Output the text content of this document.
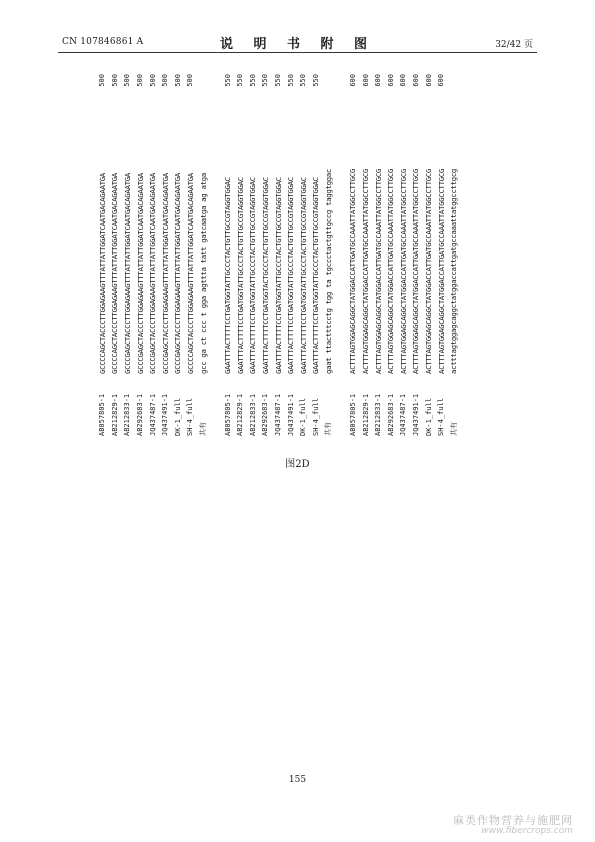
CN 107846861 A	说 明 书 附 图	32/42 页
AB057805-1
GCCCCAGCTACCCTTGGAGAAGTTTATTATTGGATCAATGACAGAATGA
500
AB212829-1
GCCCCAGCTACCCTTGGAGAAGTTTATTATTGGATCAATGACAGAATGA
500
AB212833-1
GCCCGAGCTACCCTTGGAGAAGTTTATTATTGGATCAATGACAGAATGA
500
AB292683-1
GCCCGAGCTACCCTTGGAGAAGTTTATTATTGGATCAATGACAGAATGA
500
JQ437487-1
GCCCGAGCTACCCTTGGAGAAGTTTATTATTGGATCAATGACAGAATGA
500
JQ437491-1
GCCCGAGCTACCCTTGGAGAAGTTTATTATTGGATCAATGACAGAATGA
500
DK-1_full
GCCCGAGCTACCCTTGGAGAAGTTTATTATTGGATCAATGACAGAATGA
500
SH-4_full
GCCCCAGCTACCCTTGGAGAAGTTTATTATTGGATCAATGACAGAATGA
500
共有
gcc ga ct ccc t gga agttta tatt gatcaatga ag atga
AB057805-1
GAATTTACTTTTCCTGATGGTATTGCCCTACTGTTGCCGTAGGTGGAC
550
AB212829-1
GAATTTACTTTTCCTGATGGTATTGCCCTACTGTTGCCGTAGGTGGAC
550
AB212833-1
GAATTTACTTTTCCTGATGGTATTGCCCTACTGTTGCCGTAGGTGGAC
550
AB292683-1
GAATTTACTTTTCCTGATGGTACTGCCCTACTGTTGCCGTAGGTGGAC
550
JQ437487-1
GAATTTACTTTTCCTGATGGTATTGCCCTACTGTTGCCGTAGGTGGAC
550
JQ437491-1
GAATTTACTTTTCCTGATGGTATTGCCCTACTGTTGCCGTAGGTGGAC
550
DK-1_full
GAATTTACTTTTCCTGATGGTATTGCCCTACTGTTGCCGTAGGTGGAC
550
SH-4_full
GAATTTACTTTTCCTGATGGTATTGCCCTACTGTTGCCGTAGGTGGAC
550
共有
gaat ttactttcctg tgg ta tgccctactgttgccg taggtggac
AB057805-1
ACTTTAGTGGAGCAGGCTATGGACCATTGATGCCAAATTATGGCCTTGCG
600
AB212829-1
ACTTTAGTGGAGCAGGCTATGGACCATTGATGCCAAATTATGGCCTTGCG
600
AB212833-1
ACTTTAGTGGAGCAGGCTATGGACCATTGATGCCAAATTATGGCCTTGCG
600
AB292683-1
ACTTTAGTGGAGCAGGCTATGGACCATTGATGCCAAATTATGGCCTTGCG
600
JQ437487-1
ACTTTAGTGGAGCAGGCTATGGACCATTGATGCCAAATTATGGCCTTGCG
600
JQ437491-1
ACTTTAGTGGAGCAGGCTATGGACCATTGATGCCAAATTATGGCCTTGCG
600
DK-1_full
ACTTTAGTGGAGCAGGCTATGGACCATTGATGCCAAATTATGGCCTTGCG
600
SH-4_full
ACTTTAGTGGAGCAGGCTATGGACCATTGATGCCAAATTATGGCCTTGCG
600
共有
actttagtggagcaggctatggaccattgatgccaaattatggccttgcg
图2D
155
麻类作物营养与施肥网
www.fibercrops.com
